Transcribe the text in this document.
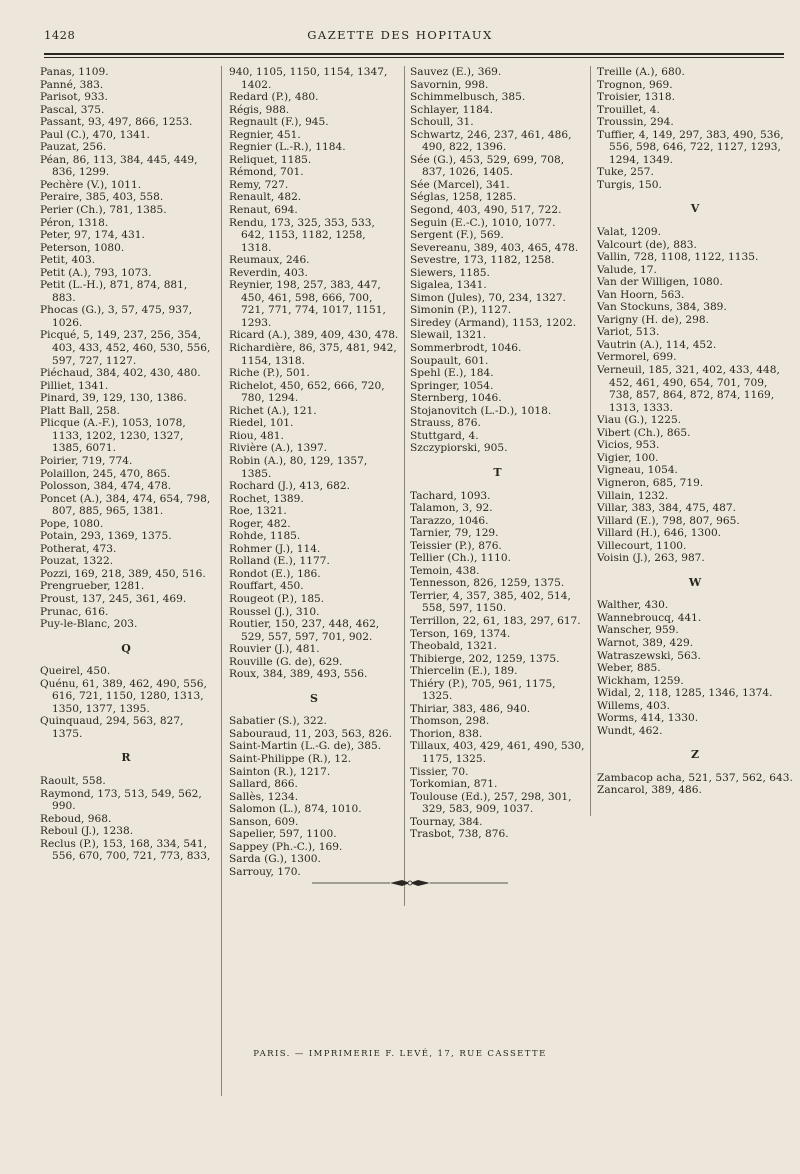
1428	GAZETTE DES HOPITAUX
Panas, 1109.
Panné, 383.
Parisot, 933.
Pascal, 375.
Passant, 93, 497, 866, 1253.
Paul (C.), 470, 1341.
Pauzat, 256.
Péan, 86, 113, 384, 445, 449, 836, 1299.
Pechère (V.), 1011.
Peraire, 385, 403, 558.
Perier (Ch.), 781, 1385.
Péron, 1318.
Peter, 97, 174, 431.
Peterson, 1080.
Petit, 403.
Petit (A.), 793, 1073.
Petit (L.-H.), 871, 874, 881, 883.
Phocas (G.), 3, 57, 475, 937, 1026.
Picqué, 5, 149, 237, 256, 354, 403, 433, 452, 460, 530, 556, 597, 727, 1127.
Piéchaud, 384, 402, 430, 480.
Pilliet, 1341.
Pinard, 39, 129, 130, 1386.
Platt Ball, 258.
Plicque (A.-F.), 1053, 1078, 1133, 1202, 1230, 1327, 1385, 6071.
Poirier, 719, 774.
Polaillon, 245, 470, 865.
Polosson, 384, 474, 478.
Poncet (A.), 384, 474, 654, 798, 807, 885, 965, 1381.
Pope, 1080.
Potain, 293, 1369, 1375.
Potherat, 473.
Pouzat, 1322.
Pozzi, 169, 218, 389, 450, 516.
Prengrueber, 1281.
Proust, 137, 245, 361, 469.
Prunac, 616.
Puy-le-Blanc, 203.
Q
Queirel, 450.
Quénu, 61, 389, 462, 490, 556, 616, 721, 1150, 1280, 1313, 1350, 1377, 1395.
Quinquaud, 294, 563, 827, 1375.
R
Raoult, 558.
Raymond, 173, 513, 549, 562, 990.
Reboud, 968.
Reboul (J.), 1238.
Reclus (P.), 153, 168, 334, 541, 556, 670, 700, 721, 773, 833,
940, 1105, 1150, 1154, 1347, 1402.
Redard (P.), 480.
Régis, 988.
Regnault (F.), 945.
Regnier, 451.
Regnier (L.-R.), 1184.
Reliquet, 1185.
Rémond, 701.
Remy, 727.
Renault, 482.
Renaut, 694.
Rendu, 173, 325, 353, 533, 642, 1153, 1182, 1258, 1318.
Reumaux, 246.
Reverdin, 403.
Reynier, 198, 257, 383, 447, 450, 461, 598, 666, 700, 721, 771, 774, 1017, 1151, 1293.
Ricard (A.), 389, 409, 430, 478.
Richardière, 86, 375, 481, 942, 1154, 1318.
Riche (P.), 501.
Richelot, 450, 652, 666, 720, 780, 1294.
Richet (A.), 121.
Riedel, 101.
Riou, 481.
Rivière (A.), 1397.
Robin (A.), 80, 129, 1357, 1385.
Rochard (J.), 413, 682.
Rochet, 1389.
Roe, 1321.
Roger, 482.
Rohde, 1185.
Rohmer (J.), 114.
Rolland (E.), 1177.
Rondot (E.), 186.
Rouffart, 450.
Rougeot (P.), 185.
Roussel (J.), 310.
Routier, 150, 237, 448, 462, 529, 557, 597, 701, 902.
Rouvier (J.), 481.
Rouville (G. de), 629.
Roux, 384, 389, 493, 556.
S
Sabatier (S.), 322.
Sabouraud, 11, 203, 563, 826.
Saint-Martin (L.-G. de), 385.
Saint-Philippe (R.), 12.
Sainton (R.), 1217.
Sallard, 866.
Sallès, 1234.
Salomon (L.), 874, 1010.
Sanson, 609.
Sapelier, 597, 1100.
Sappey (Ph.-C.), 169.
Sarda (G.), 1300.
Sarrouy, 170.
Sauvez (E.), 369.
Savornin, 998.
Schimmelbusch, 385.
Schlayer, 1184.
Schoull, 31.
Schwartz, 246, 237, 461, 486, 490, 822, 1396.
Sée (G.), 453, 529, 699, 708, 837, 1026, 1405.
Sée (Marcel), 341.
Séglas, 1258, 1285.
Segond, 403, 490, 517, 722.
Seguin (E.-C.), 1010, 1077.
Sergent (F.), 569.
Severeanu, 389, 403, 465, 478.
Sevestre, 173, 1182, 1258.
Siewers, 1185.
Sigalea, 1341.
Simon (Jules), 70, 234, 1327.
Simonin (P.), 1127.
Siredey (Armand), 1153, 1202.
Slewail, 1321.
Sommerbrodt, 1046.
Soupault, 601.
Spehl (E.), 184.
Springer, 1054.
Sternberg, 1046.
Stojanovitch (L.-D.), 1018.
Strauss, 876.
Stuttgard, 4.
Szczypiorski, 905.
T
Tachard, 1093.
Talamon, 3, 92.
Tarazzo, 1046.
Tarnier, 79, 129.
Teissier (P.), 876.
Tellier (Ch.), 1110.
Temoin, 438.
Tennesson, 826, 1259, 1375.
Terrier, 4, 357, 385, 402, 514, 558, 597, 1150.
Terrillon, 22, 61, 183, 297, 617.
Terson, 169, 1374.
Theobald, 1321.
Thibierge, 202, 1259, 1375.
Thiercelin (E.), 189.
Thiéry (P.), 705, 961, 1175, 1325.
Thiriar, 383, 486, 940.
Thomson, 298.
Thorion, 838.
Tillaux, 403, 429, 461, 490, 530, 1175, 1325.
Tissier, 70.
Torkomian, 871.
Toulouse (Ed.), 257, 298, 301, 329, 583, 909, 1037.
Tournay, 384.
Trasbot, 738, 876.
Treille (A.), 680.
Trognon, 969.
Troisier, 1318.
Trouillet, 4.
Troussin, 294.
Tuffier, 4, 149, 297, 383, 490, 536, 556, 598, 646, 722, 1127, 1293, 1294, 1349.
Tuke, 257.
Turgis, 150.
V
Valat, 1209.
Valcourt (de), 883.
Vallin, 728, 1108, 1122, 1135.
Valude, 17.
Van der Willigen, 1080.
Van Hoorn, 563.
Van Stockuns, 384, 389.
Varigny (H. de), 298.
Variot, 513.
Vautrin (A.), 114, 452.
Vermorel, 699.
Verneuil, 185, 321, 402, 433, 448, 452, 461, 490, 654, 701, 709, 738, 857, 864, 872, 874, 1169, 1313, 1333.
Viau (G.), 1225.
Vibert (Ch.), 865.
Vicios, 953.
Vigier, 100.
Vigneau, 1054.
Vigneron, 685, 719.
Villain, 1232.
Villar, 383, 384, 475, 487.
Villard (E.), 798, 807, 965.
Villard (H.), 646, 1300.
Villecourt, 1100.
Voisin (J.), 263, 987.
W
Walther, 430.
Wannebroucq, 441.
Wanscher, 959.
Warnot, 389, 429.
Watraszewski, 563.
Weber, 885.
Wickham, 1259.
Widal, 2, 118, 1285, 1346, 1374.
Willems, 403.
Worms, 414, 1330.
Wundt, 462.
Z
Zambacop acha, 521, 537, 562, 643.
Zancarol, 389, 486.
PARIS. — IMPRIMERIE F. LEVÉ, 17, RUE CASSETTE
